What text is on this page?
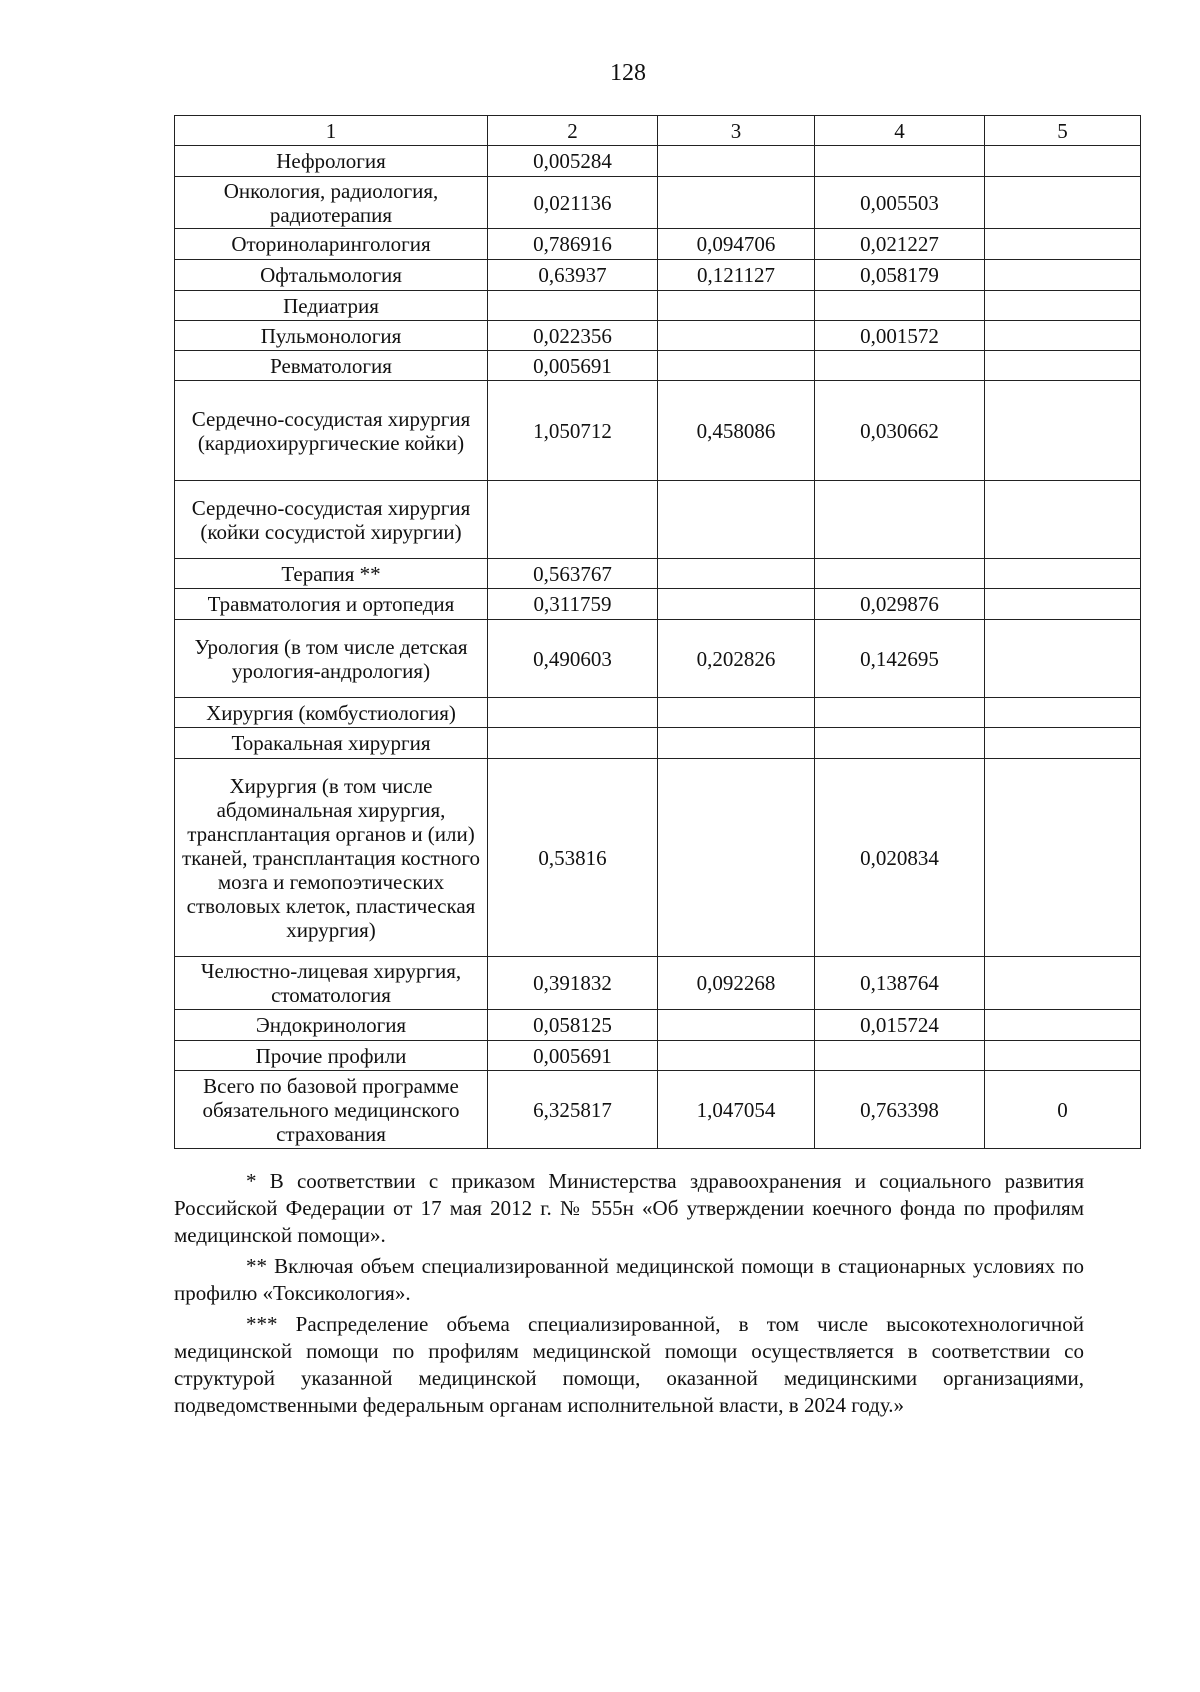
128
1	2	3	4	5
Нефрология	0,005284			
Онкология, радиология, радиотерапия	0,021136		0,005503	
Оториноларингология	0,786916	0,094706	0,021227	
Офтальмология	0,63937	0,121127	0,058179	
Педиатрия				
Пульмонология	0,022356		0,001572	
Ревматология	0,005691			
Сердечно-сосудистая хирургия (кардиохирургические койки)	1,050712	0,458086	0,030662	
Сердечно-сосудистая хирургия (койки сосудистой хирургии)				
Терапия **	0,563767			
Травматология и ортопедия	0,311759		0,029876	
Урология (в том числе детская урология-андрология)	0,490603	0,202826	0,142695	
Хирургия (комбустиология)				
Торакальная хирургия				
Хирургия (в том числе абдоминальная хирургия, трансплантация органов и (или) тканей, трансплантация костного мозга и гемопоэтических стволовых клеток, пластическая хирургия)	0,53816		0,020834	
Челюстно-лицевая хирургия, стоматология	0,391832	0,092268	0,138764	
Эндокринология	0,058125		0,015724	
Прочие профили	0,005691			
Всего по базовой программе обязательного медицинского страхования	6,325817	1,047054	0,763398	0

* В соответствии с приказом Министерства здравоохранения и социального развития Российской Федерации от 17 мая 2012 г. № 555н «Об утверждении коечного фонда по профилям медицинской помощи».

** Включая объем специализированной медицинской помощи в стационарных условиях по профилю «Токсикология».

*** Распределение объема специализированной, в том числе высокотехнологичной медицинской помощи по профилям медицинской помощи осуществляется в соответствии со структурой указанной медицинской помощи, оказанной медицинскими организациями, подведомственными федеральным органам исполнительной власти, в 2024 году.»
